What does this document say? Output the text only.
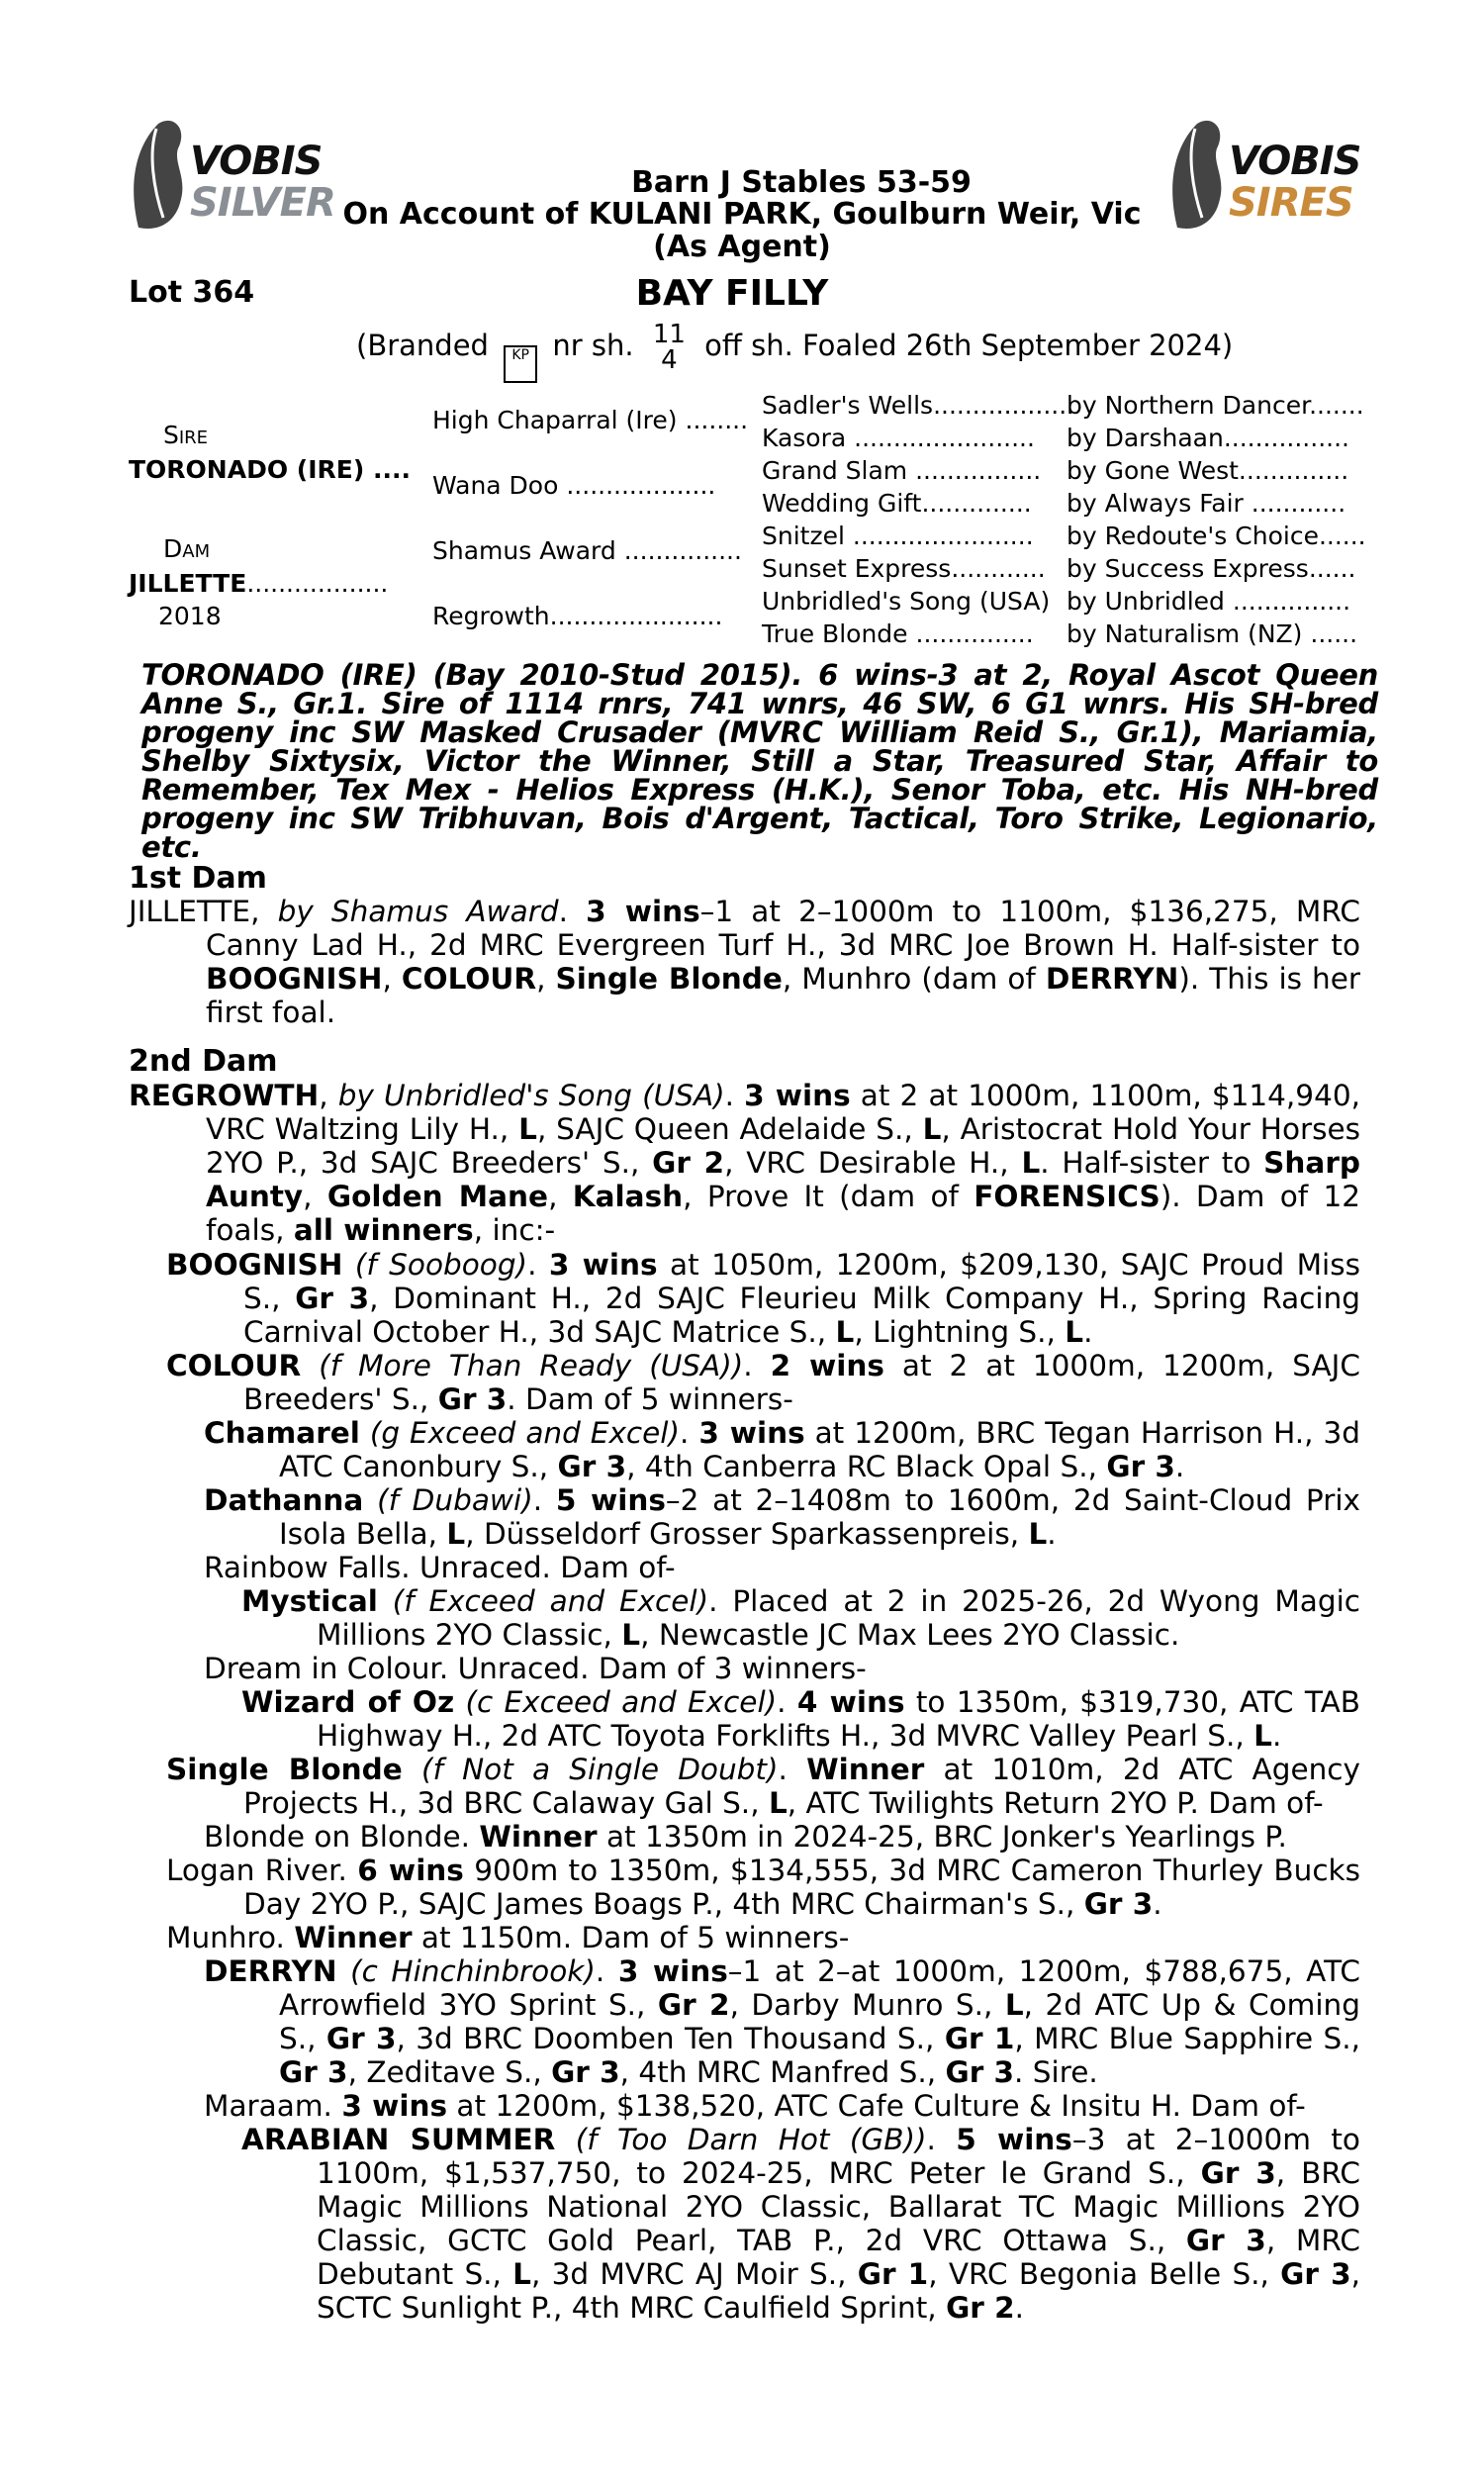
VOBIS
SILVER
VOBIS
SIRES
Barn J Stables 53-59
On Account of KULANI PARK, Goulburn Weir, Vic
(As Agent)
Lot 364	BAY FILLY
(Branded KP nr sh. 11
4 off sh. Foaled 26th September 2024)
Sire
TORONADO (IRE) ....
Dam
JILLETTE..................
2018
High Chaparral (Ire) ........
Wana Doo ...................
Shamus Award ...............
Regrowth......................
Sadler's Wells..................
Kasora .......................
Grand Slam ................
Wedding Gift..............
Snitzel .......................
Sunset Express............
Unbridled's Song (USA)
True Blonde ...............
by Northern Dancer.......
by Darshaan................
by Gone West..............
by Always Fair ............
by Redoute's Choice......
by Success Express......
by Unbridled ...............
by Naturalism (NZ) ......
TORONADO (IRE) (Bay 2010-Stud 2015). 6 wins-3 at 2, Royal Ascot Queen Anne S., Gr.1. Sire of 1114 rnrs, 741 wnrs, 46 SW, 6 G1 wnrs. His SH-bred progeny inc SW Masked Crusader (MVRC William Reid S., Gr.1), Mariamia, Shelby Sixtysix, Victor the Winner, Still a Star, Treasured Star, Affair to Remember, Tex Mex - Helios Express (H.K.), Senor Toba, etc. His NH-bred progeny inc SW Tribhuvan, Bois d'Argent, Tactical, Toro Strike, Legionario, etc.
1st Dam
JILLETTE, by Shamus Award. 3 wins–1 at 2–1000m to 1100m, $136,275, MRC Canny Lad H., 2d MRC Evergreen Turf H., 3d MRC Joe Brown H. Half-sister to BOOGNISH, COLOUR, Single Blonde, Munhro (dam of DERRYN). This is her first foal.
2nd Dam
REGROWTH, by Unbridled's Song (USA). 3 wins at 2 at 1000m, 1100m, $114,940, VRC Waltzing Lily H., L, SAJC Queen Adelaide S., L, Aristocrat Hold Your Horses 2YO P., 3d SAJC Breeders' S., Gr 2, VRC Desirable H., L. Half-sister to Sharp Aunty, Golden Mane, Kalash, Prove It (dam of FORENSICS). Dam of 12 foals, all winners, inc:-
BOOGNISH (f Sooboog). 3 wins at 1050m, 1200m, $209,130, SAJC Proud Miss S., Gr 3, Dominant H., 2d SAJC Fleurieu Milk Company H., Spring Racing Carnival October H., 3d SAJC Matrice S., L, Lightning S., L.
COLOUR (f More Than Ready (USA)). 2 wins at 2 at 1000m, 1200m, SAJC Breeders' S., Gr 3. Dam of 5 winners-
Chamarel (g Exceed and Excel). 3 wins at 1200m, BRC Tegan Harrison H., 3d ATC Canonbury S., Gr 3, 4th Canberra RC Black Opal S., Gr 3.
Dathanna (f Dubawi). 5 wins–2 at 2–1408m to 1600m, 2d Saint-Cloud Prix Isola Bella, L, Düsseldorf Grosser Sparkassenpreis, L.
Rainbow Falls. Unraced. Dam of-
Mystical (f Exceed and Excel). Placed at 2 in 2025-26, 2d Wyong Magic Millions 2YO Classic, L, Newcastle JC Max Lees 2YO Classic.
Dream in Colour. Unraced. Dam of 3 winners-
Wizard of Oz (c Exceed and Excel). 4 wins to 1350m, $319,730, ATC TAB Highway H., 2d ATC Toyota Forklifts H., 3d MVRC Valley Pearl S., L.
Single Blonde (f Not a Single Doubt). Winner at 1010m, 2d ATC Agency Projects H., 3d BRC Calaway Gal S., L, ATC Twilights Return 2YO P. Dam of-
Blonde on Blonde. Winner at 1350m in 2024-25, BRC Jonker's Yearlings P.
Logan River. 6 wins 900m to 1350m, $134,555, 3d MRC Cameron Thurley Bucks Day 2YO P., SAJC James Boags P., 4th MRC Chairman's S., Gr 3.
Munhro. Winner at 1150m. Dam of 5 winners-
DERRYN (c Hinchinbrook). 3 wins–1 at 2–at 1000m, 1200m, $788,675, ATC Arrowfield 3YO Sprint S., Gr 2, Darby Munro S., L, 2d ATC Up & Coming S., Gr 3, 3d BRC Doomben Ten Thousand S., Gr 1, MRC Blue Sapphire S., Gr 3, Zeditave S., Gr 3, 4th MRC Manfred S., Gr 3. Sire.
Maraam. 3 wins at 1200m, $138,520, ATC Cafe Culture & Insitu H. Dam of-
ARABIAN SUMMER (f Too Darn Hot (GB)). 5 wins–3 at 2–1000m to 1100m, $1,537,750, to 2024-25, MRC Peter le Grand S., Gr 3, BRC Magic Millions National 2YO Classic, Ballarat TC Magic Millions 2YO Classic, GCTC Gold Pearl, TAB P., 2d VRC Ottawa S., Gr 3, MRC Debutant S., L, 3d MVRC AJ Moir S., Gr 1, VRC Begonia Belle S., Gr 3, SCTC Sunlight P., 4th MRC Caulfield Sprint, Gr 2.
